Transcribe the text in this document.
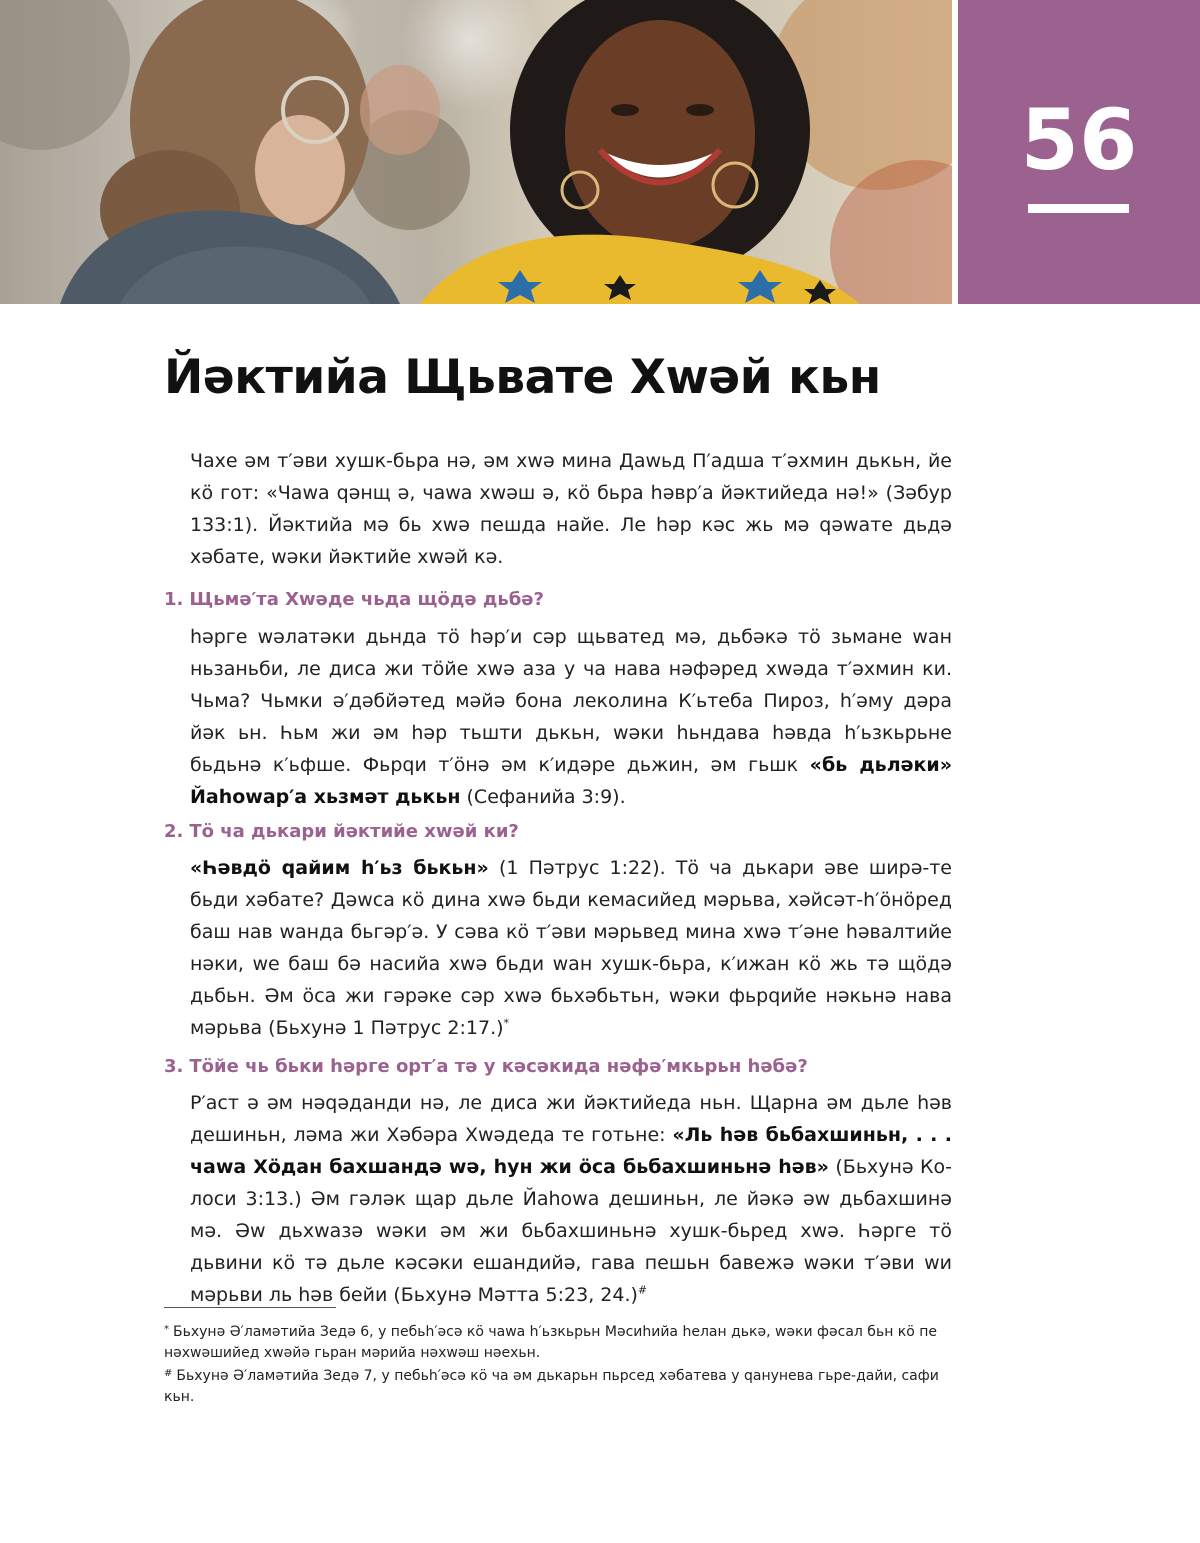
56
Йәктийа Щьвате Хwәй кьн

Чахе әм т′әви хушк-бьра нә, әм хwә мина Даwьд П′адша т′әхмин дькьн, йе кӧ гот: «Чаwа qәнщ ә, чаwа хwәш ә, кӧ бьра һәвр′а йәктийеда нә!» (Зәбур 133:1). Йәктийа мә бь хwә пешда найе. Ле һәр кәс жь мә qәwате дьдә хәбате, wәки йәктийе хwәй кә.

1. Щьмә′та Хwәде чьда щӧдә дьбә?

һәрге wәлатәки дьнда тӧ һәр′и сәр щьватед мә, дьбәкә тӧ зьмане wан ньзаньби, ле диса жи тӧйе хwә аза у ча нава нәфәред хwәда т′әхмин ки. Чьма? Чьмки ә′дәбйәтед мәйә бона леколина К′ьтеба Пироз, һ′әму дәра йәк ьн. Һьм жи әм һәр тьшти дькьн, wәки һьндава һәвда һ′ьзкьрьне бьдьнә к′ьфше. Фьрqи т′ӧнә әм к′идәре дьжин, әм гьшк «бь дьләки» Йаһоwар′а хьзмәт дькьн (Сефанийа 3:9).

2. Тӧ ча дькари йәктийе хwәй ки?

«Һәвдӧ qайим һ′ьз бькьн» (1 Пәтрус 1:22). Тӧ ча дькари әве ширә-те бьди хәбате? Дәwса кӧ дина хwә бьди кемасийед мәрьва, хәйсәт-һ′ӧнӧред баш нав wанда бьгәр′ә. У сәва кӧ т′әви мәрьвед мина хwә т′әне һәвалтийе нәки, wе баш бә насийа хwә бьди wан хушк-бьра, к′ижан кӧ жь тә щӧдә дьбьн. Әм ӧса жи гәрәке сәр хwә бьхәбьтьн, wәки фьрqийе нәкьнә нава мәрьва (Бьхунә 1 Пәтрус 2:17.)*

3. Тӧйе чь бьки һәрге орт′а тә у кәсәкида нәфә′мкьрьн һәбә?

Р′аст ә әм нәqәданди нә, ле диса жи йәктийеда ньн. Щарна әм дьле һәв дешиньн, ләма жи Хәбәра Хwәдеда те готьне: «Ль һәв бьбахшиньн, . . . чаwа Хӧдан бахшандә wә, һун жи ӧса бьбахшиньнә һәв» (Бьхунә Ко-лоси 3:13.) Әм гәләк щар дьле Йаһоwа дешиньн, ле йәкә әw дьбахшинә мә. Әw дьхwазә wәки әм жи бьбахшиньнә хушк-бьред хwә. Һәрге тӧ дьвини кӧ тә дьле кәсәки ешандийә, гава пешьн бавежә wәки т′әви wи мәрьви ль һәв бейи (Бьхунә Мәтта 5:23, 24.)#

* Бьхунә Ә′ламәтийа Зедә 6, у пебьһ′әсә кӧ чаwа һ′ьзкьрьн Мәсиһийа һелан дькә, wәки фәсал бьн кӧ пе нәхwәшийед хwәйә гьран мәрийа нәхwәш нәехьн.

# Бьхунә Ә′ламәтийа Зедә 7, у пебьһ′әсә кӧ ча әм дькарьн пьрсед хәбатева у qанунева гьре-дайи, сафи кьн.
